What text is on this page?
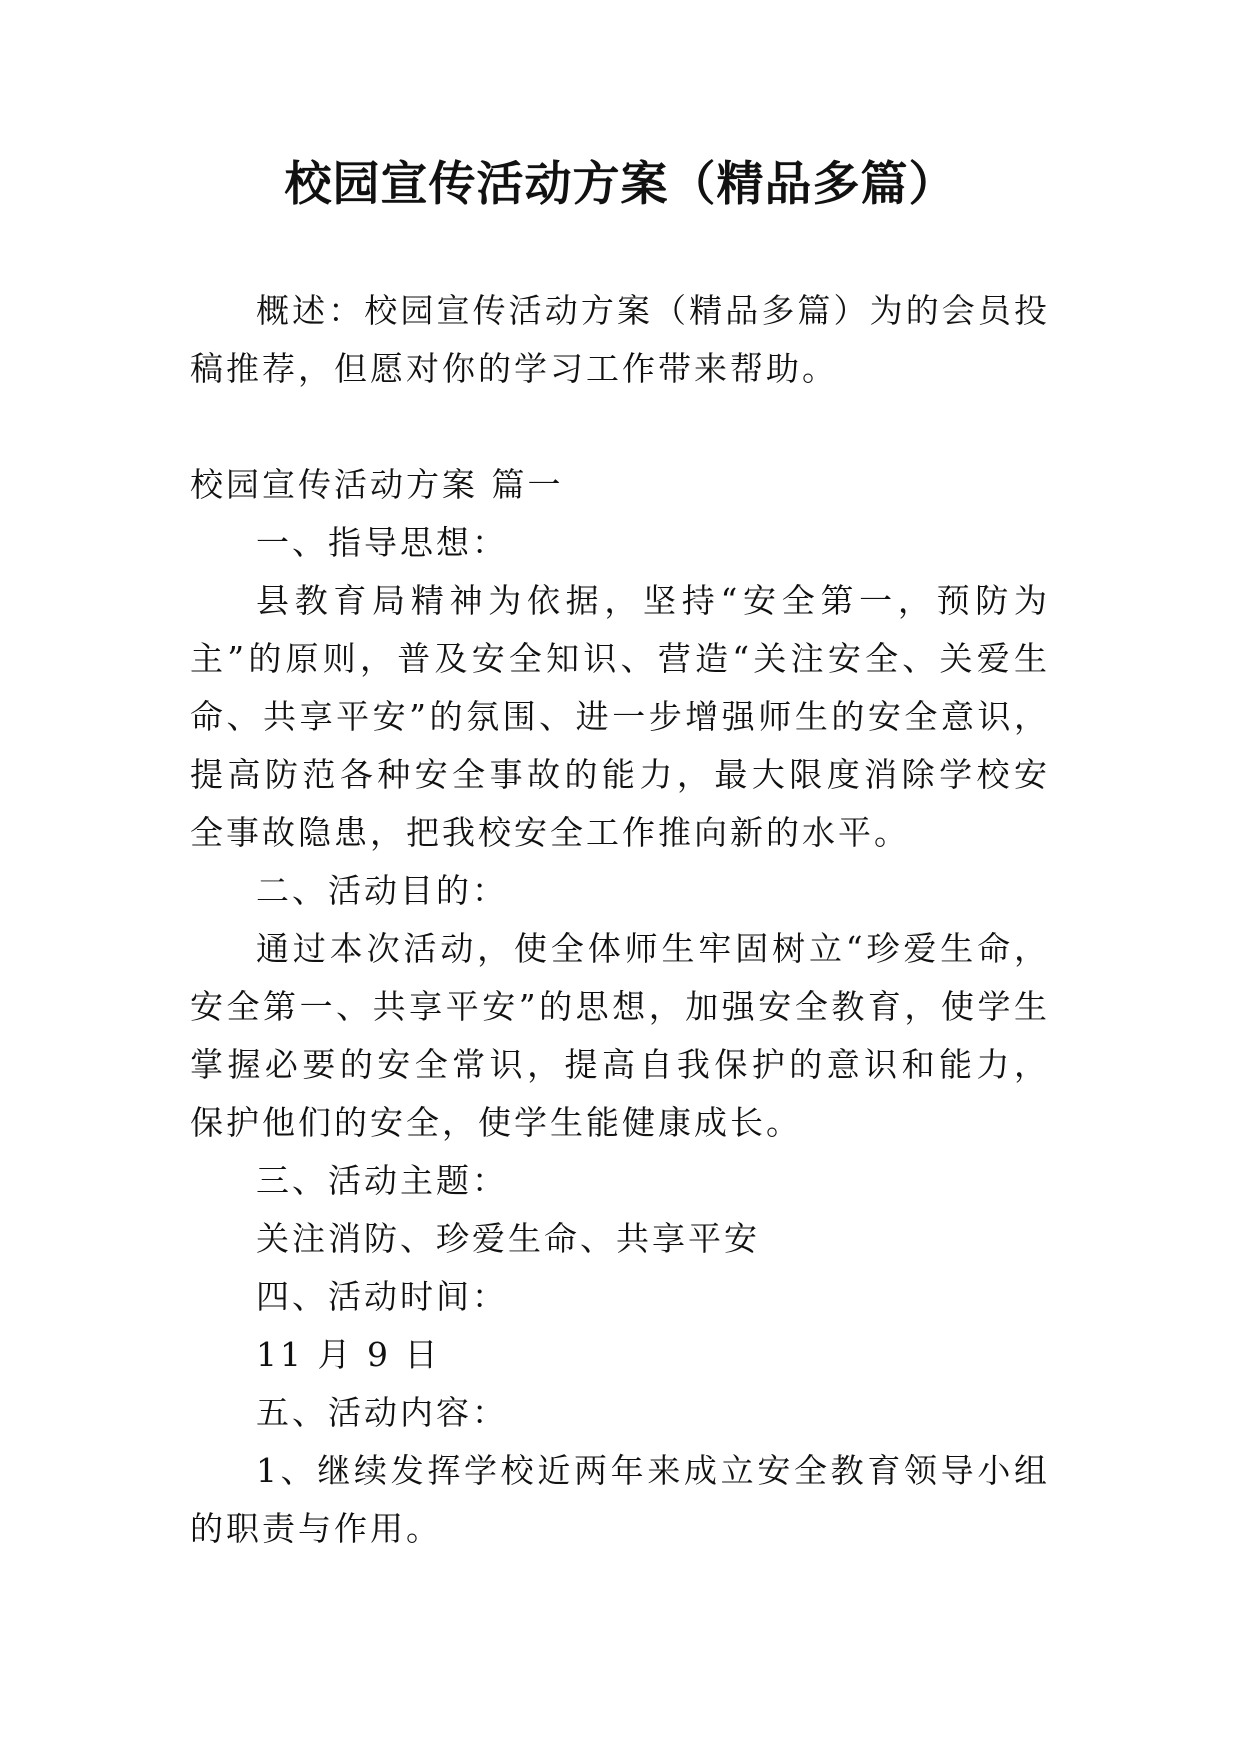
校园宣传活动方案（精品多篇）

概述：校园宣传活动方案（精品多篇）为的会员投稿推荐，但愿对你的学习工作带来帮助。

校园宣传活动方案 篇一

一、指导思想：

县教育局精神为依据，坚持“安全第一，预防为主”的原则，普及安全知识、营造“关注安全、关爱生命、共享平安”的氛围、进一步增强师生的安全意识，提高防范各种安全事故的能力，最大限度消除学校安全事故隐患，把我校安全工作推向新的水平。

二、活动目的：

通过本次活动，使全体师生牢固树立“珍爱生命，安全第一、共享平安”的思想，加强安全教育，使学生掌握必要的安全常识，提高自我保护的意识和能力，保护他们的安全，使学生能健康成长。

三、活动主题：

关注消防、珍爱生命、共享平安

四、活动时间：

11 月 9 日

五、活动内容：

1、继续发挥学校近两年来成立安全教育领导小组的职责与作用。
